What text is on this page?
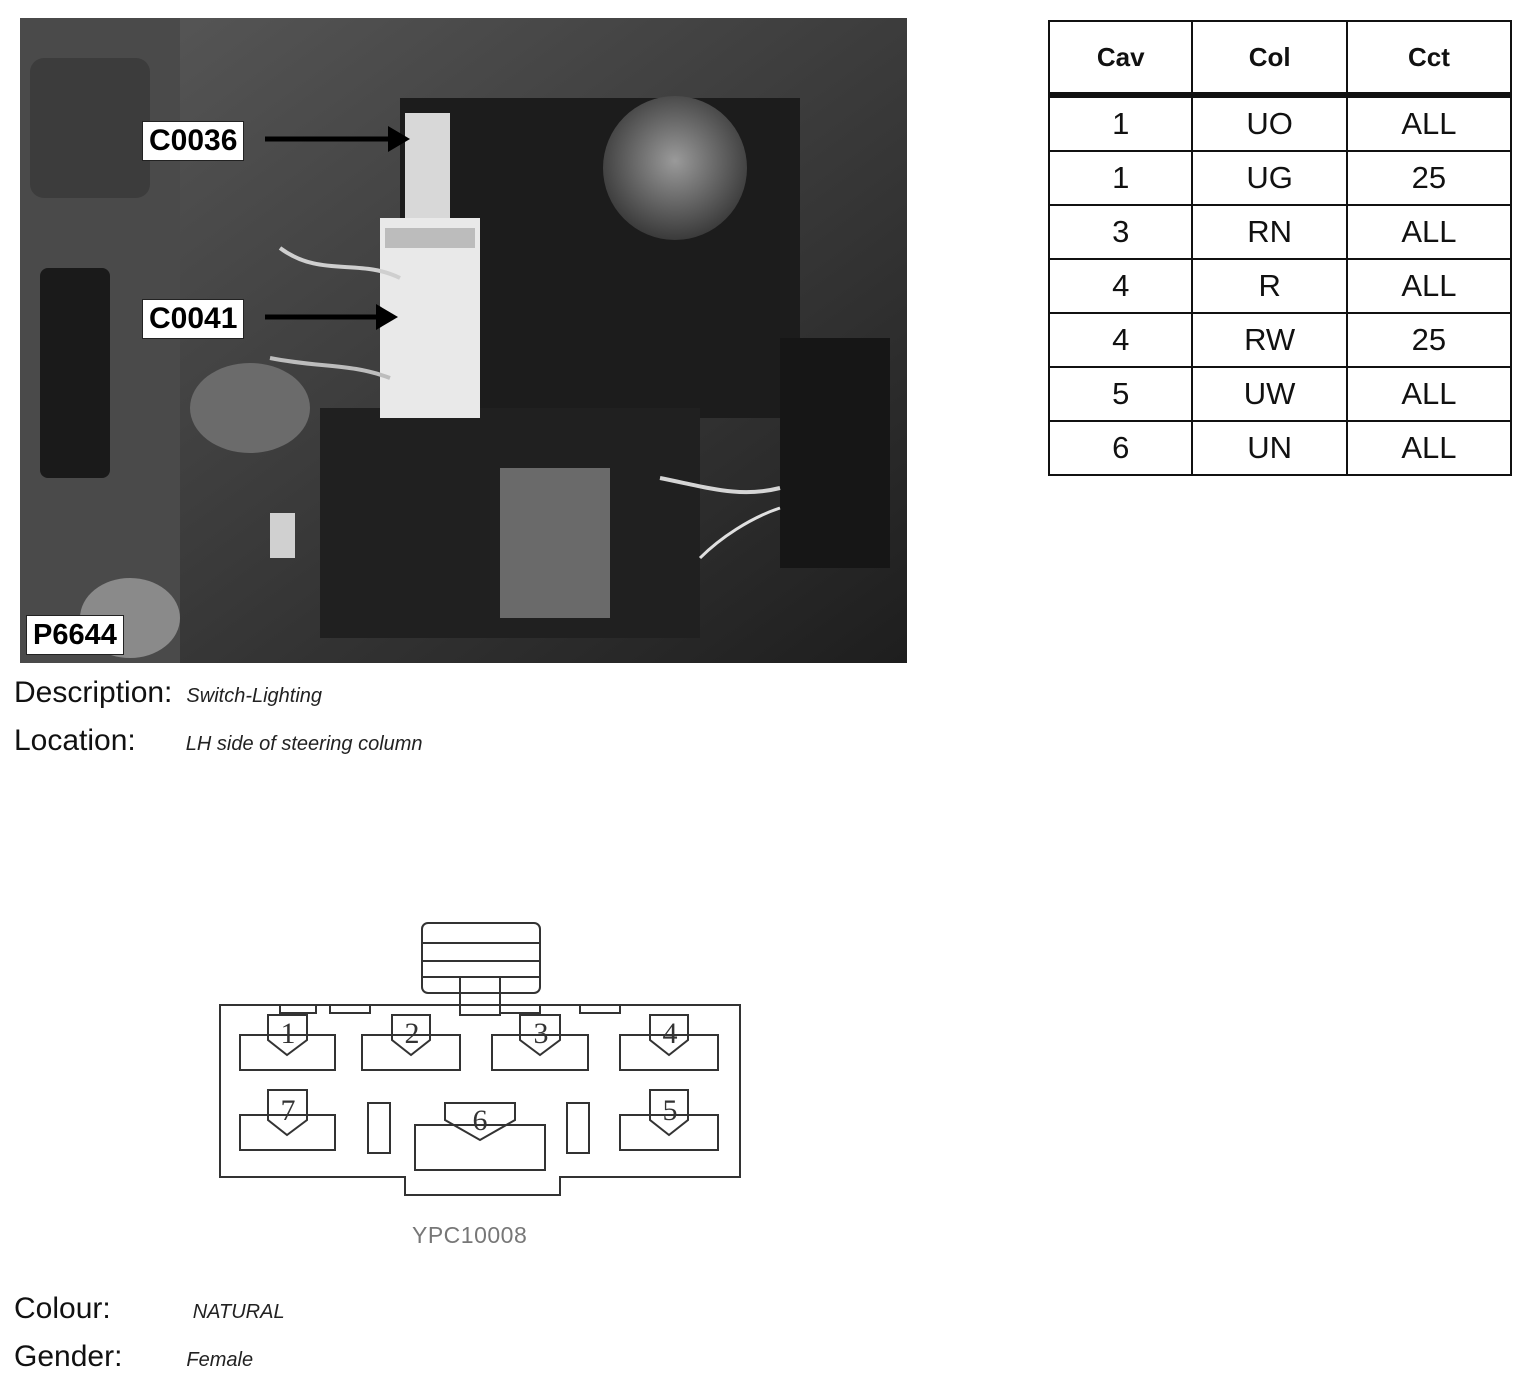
C0036
C0041
P6644
Description: Switch-Lighting
Location:	LH side of steering column
Cav	Col	Cct
1	UO	ALL
1	UG	25
3	RN	ALL
4	R	ALL
4	RW	25
5	UW	ALL
6	UN	ALL
1	2	3	4
7	6	5
YPC10008
Colour:	NATURAL
Gender:	Female
